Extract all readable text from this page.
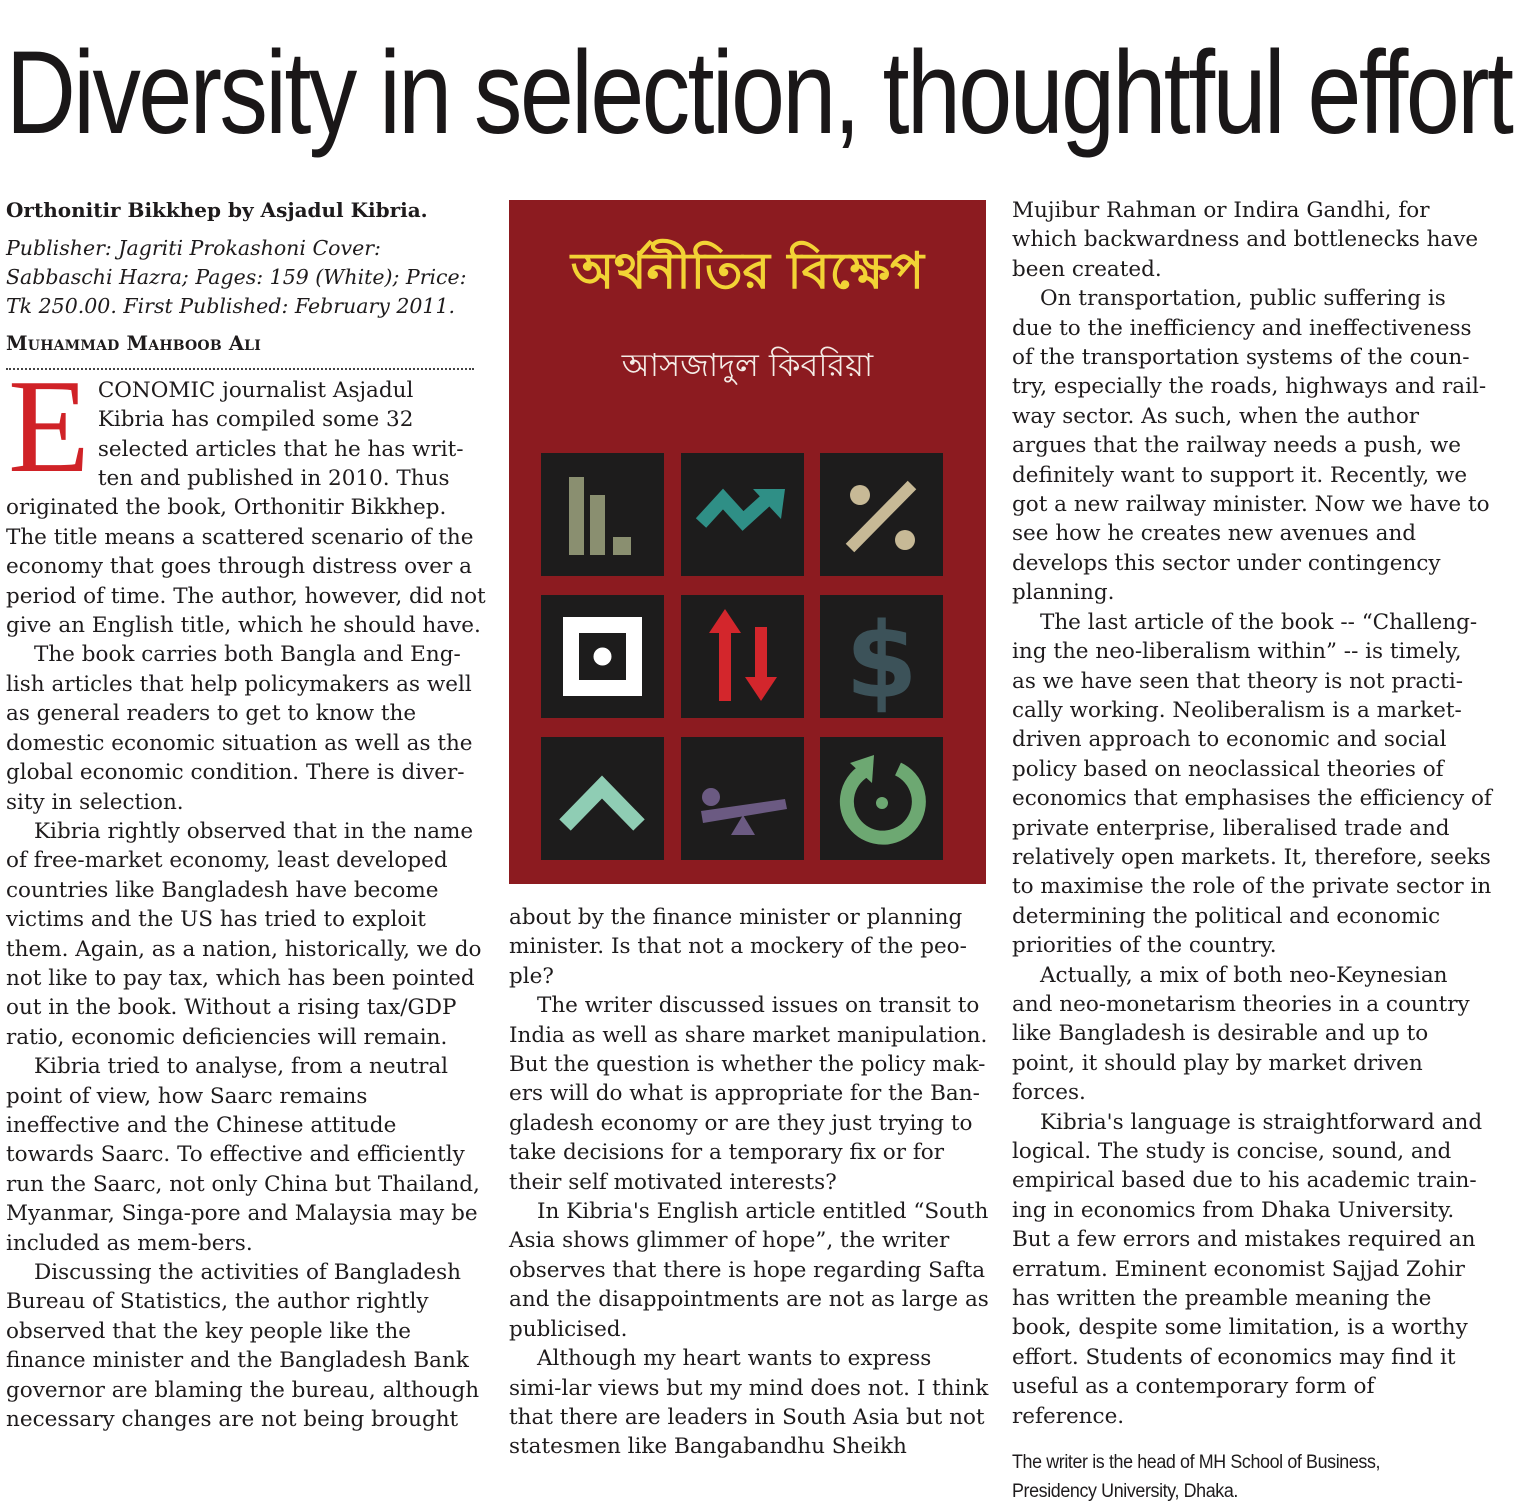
Diversity in selection, thoughtful effort

Orthonitir Bikkhep by Asjadul Kibria.

Publisher: Jagriti Prokashoni Cover: Sabbaschi Hazra; Pages: 159 (White); Price: Tk 250.00. First Published: February 2011.

Muhammad Mahboob Ali

ECONOMIC journalist Asjadul Kibria has compiled some 32 selected articles that he has writ-ten and published in 2010. Thus originated the book, Orthonitir Bikkhep. The title means a scattered scenario of the economy that goes through distress over a period of time. The author, however, did not give an English title, which he should have.

The book carries both Bangla and Eng-lish articles that help policymakers as well as general readers to get to know the domestic economic situation as well as the global economic condition. There is diver-sity in selection.

Kibria rightly observed that in the name of free-market economy, least developed countries like Bangladesh have become victims and the US has tried to exploit them. Again, as a nation, historically, we do not like to pay tax, which has been pointed out in the book. Without a rising tax/GDP ratio, economic deficiencies will remain.

Kibria tried to analyse, from a neutral point of view, how Saarc remains ineffective and the Chinese attitude towards Saarc. To effective and efficiently run the Saarc, not only China but Thailand, Myanmar, Singa-pore and Malaysia may be included as mem-bers.

Discussing the activities of Bangladesh Bureau of Statistics, the author rightly observed that the key people like the finance minister and the Bangladesh Bank governor are blaming the bureau, although necessary changes are not being brought

অর্থনীতির বিক্ষেপ
আসজাদুল কিবরিয়া
$

about by the finance minister or planning minister. Is that not a mockery of the peo-ple?

The writer discussed issues on transit to India as well as share market manipulation. But the question is whether the policy mak-ers will do what is appropriate for the Ban-gladesh economy or are they just trying to take decisions for a temporary fix or for their self motivated interests?

In Kibria's English article entitled “South Asia shows glimmer of hope”, the writer observes that there is hope regarding Safta and the disappointments are not as large as publicised.

Although my heart wants to express simi-lar views but my mind does not. I think that there are leaders in South Asia but not statesmen like Bangabandhu Sheikh

Mujibur Rahman or Indira Gandhi, for which backwardness and bottlenecks have been created.

On transportation, public suffering is due to the inefficiency and ineffectiveness of the transportation systems of the coun-try, especially the roads, highways and rail-way sector. As such, when the author argues that the railway needs a push, we definitely want to support it. Recently, we got a new railway minister. Now we have to see how he creates new avenues and develops this sector under contingency planning.

The last article of the book -- “Challeng-ing the neo-liberalism within” -- is timely, as we have seen that theory is not practi-cally working. Neoliberalism is a market-driven approach to economic and social policy based on neoclassical theories of economics that emphasises the efficiency of private enterprise, liberalised trade and relatively open markets. It, therefore, seeks to maximise the role of the private sector in determining the political and economic priorities of the country.

Actually, a mix of both neo-Keynesian and neo-monetarism theories in a country like Bangladesh is desirable and up to point, it should play by market driven forces.

Kibria's language is straightforward and logical. The study is concise, sound, and empirical based due to his academic train-ing in economics from Dhaka University. But a few errors and mistakes required an erratum. Eminent economist Sajjad Zohir has written the preamble meaning the book, despite some limitation, is a worthy effort. Students of economics may find it useful as a contemporary form of reference.

The writer is the head of MH School of Business,
Presidency University, Dhaka.
